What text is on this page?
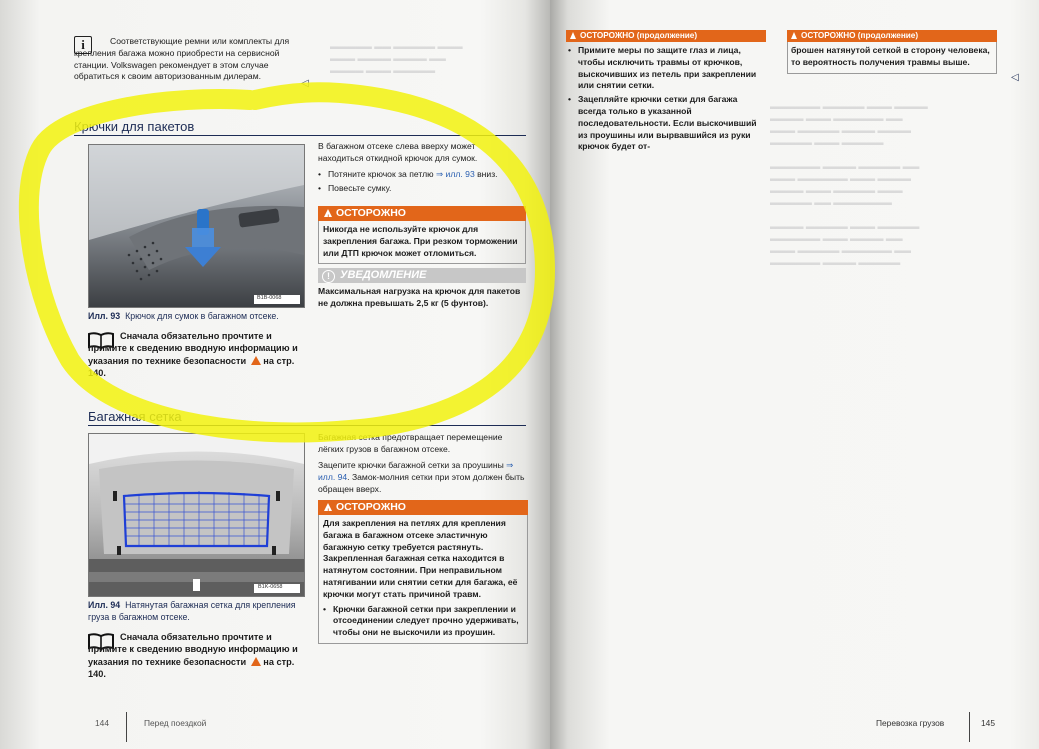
▬▬▬▬▬ ▬▬ ▬▬▬▬▬ ▬▬▬
▬▬▬ ▬▬▬▬ ▬▬▬▬ ▬▬
▬▬▬▬ ▬▬▬ ▬▬▬▬▬
i	Соответствующие ремни или комплекты для крепления багажа можно приобрести на сервисной станции. Volkswagen рекомендует в этом случае обратиться к своим авторизованным дилерам.
◁
Крючки для пакетов
B1B-0068
Илл. 93 Крючок для сумок в багажном отсеке.
Сначала обязательно прочтите и примите к сведению вводную информацию и указания по технике безопасности на стр. 140.
В багажном отсеке слева вверху может находиться откидной крючок для сумок.
• Потяните крючок за петлю ⇒ илл. 93 вниз.
• Повесьте сумку.
! ОСТОРОЖНО
Никогда не используйте крючок для закрепления багажа. При резком торможении или ДТП крючок может отломиться.
! УВЕДОМЛЕНИЕ
Максимальная нагрузка на крючок для пакетов не должна превышать 2,5 кг (5 фунтов).
Багажная сетка
B1K-0658
Илл. 94 Натянутая багажная сетка для крепления груза в багажном отсеке.
Сначала обязательно прочтите и примите к сведению вводную информацию и указания по технике безопасности на стр. 140.
Багажная сетка предотвращает перемещение лёгких грузов в багажном отсеке.
Зацепите крючки багажной сетки за проушины ⇒ илл. 94. Замок-молния сетки при этом должен быть обращен вверх.
! ОСТОРОЖНО
Для закрепления на петлях для крепления багажа в багажном отсеке эластичную багажную сетку требуется растянуть. Закрепленная багажная сетка находится в натянутом состоянии. При неправильном натягивании или снятии сетки для багажа, её крючки могут стать причиной травм.
• Крючки багажной сетки при закреплении и отсоединении следует прочно удерживать, чтобы они не выскочили из проушин.
144	Перед поездкой
▬▬▬▬▬▬ ▬▬▬▬▬ ▬▬▬ ▬▬▬▬
▬▬▬▬ ▬▬▬ ▬▬▬▬▬▬ ▬▬
▬▬▬ ▬▬▬▬▬ ▬▬▬▬ ▬▬▬▬
▬▬▬▬▬ ▬▬▬ ▬▬▬▬▬

▬▬▬▬▬▬ ▬▬▬▬ ▬▬▬▬▬ ▬▬
▬▬▬ ▬▬▬▬▬▬ ▬▬▬ ▬▬▬▬
▬▬▬▬ ▬▬▬ ▬▬▬▬▬ ▬▬▬
▬▬▬▬▬ ▬▬ ▬▬▬▬▬▬▬

▬▬▬▬ ▬▬▬▬▬ ▬▬▬ ▬▬▬▬▬
▬▬▬▬▬▬ ▬▬▬ ▬▬▬▬ ▬▬
▬▬▬ ▬▬▬▬▬ ▬▬▬▬▬▬ ▬▬
▬▬▬▬▬▬ ▬▬▬▬ ▬▬▬▬▬
ОСТОРОЖНО (продолжение)
• Примите меры по защите глаз и лица, чтобы исключить травмы от крючков, выскочивших из петель при закреплении или снятии сетки.
• Зацепляйте крючки сетки для багажа всегда только в указанной последовательности. Если выскочивший из проушины или вырвавшийся из руки крючок будет от-
ОСТОРОЖНО (продолжение)
брошен натянутой сеткой в сторону человека, то вероятность получения травмы выше.
◁
Перевозка грузов	145
